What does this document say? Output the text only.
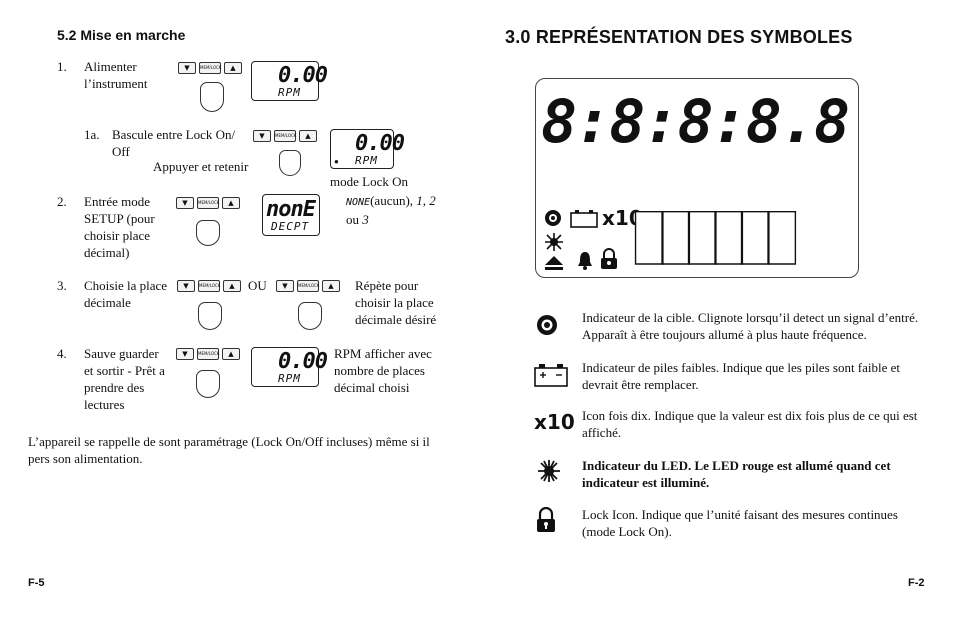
5.2 Mise en marche
1. Alimenter l’instrument
▼	MEM/LOCK	▲ 0.00
RPM
1a. Bascule entre Lock On/ Off
Appuyer et retenir
▼	MEM/LOCK	▲ 0.00
RPM
●
mode Lock On
2. Entrée mode SETUP (pour choisir place décimal)
▼	MEM/LOCK	▲ nonE
DECPT
NONE(aucun), 1, 2
ou 3
3. Choisie la place décimale
▼	MEM/LOCK	▲	OU	▼	MEM/LOCK	▲	Répète pour choisir la place décimale désiré
4. Sauve guarder et sortir - Prêt a prendre des lectures
▼	MEM/LOCK	▲ 0.00
RPM
RPM afficher avec nombre de places décimal choisi
L’appareil se rappelle de sont paramétrage (Lock On/Off incluses) même si il pers son alimentation.
F-5
3.0 REPRÉSENTATION DES SYMBOLES
8:8:8:8.8
x10
██████
Indicateur de la cible. Clignote lorsqu’il detect un signal d’entré. Apparaît à être toujours allumé à plus haute fréquence.
Indicateur de piles faibles. Indique que les piles sont faible et devrait être remplacer.
x10 Icon fois dix. Indique que la valeur est dix fois plus de ce qui est affiché.
Indicateur du LED. Le LED rouge est allumé quand cet indicateur est illuminé.
Lock Icon. Indique que l’unité faisant des mesures continues (mode Lock On).
F-2
